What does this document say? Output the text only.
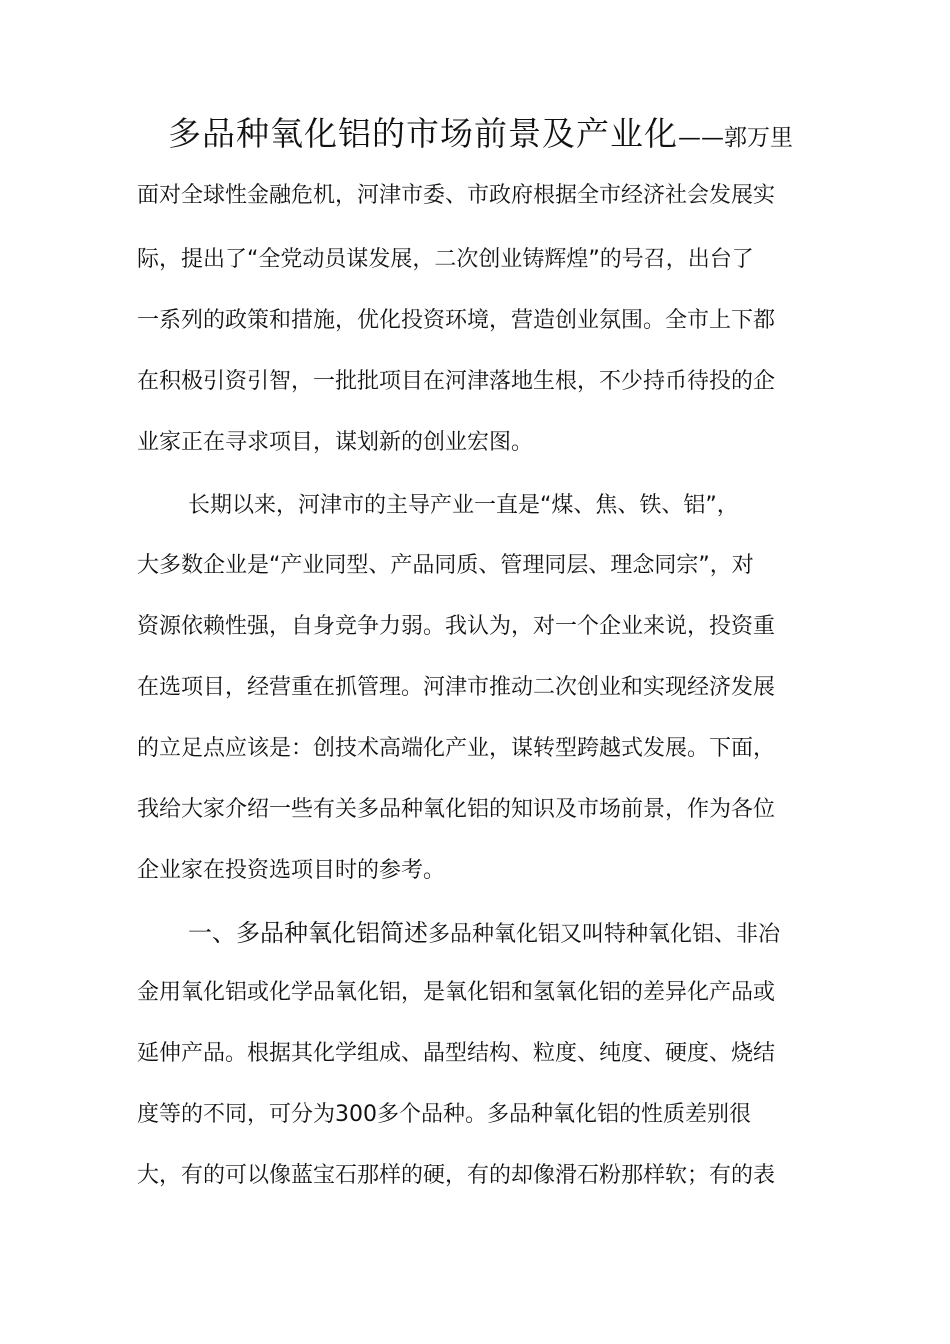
多品种氧化铝的市场前景及产业化——郭万里
面对全球性金融危机，河津市委、市政府根据全市经济社会发展实
际，提出了“全党动员谋发展，二次创业铸辉煌”的号召，出台了
一系列的政策和措施，优化投资环境，营造创业氛围。全市上下都
在积极引资引智，一批批项目在河津落地生根，不少持币待投的企
业家正在寻求项目，谋划新的创业宏图。
长期以来，河津市的主导产业一直是“煤、焦、铁、铝”，
大多数企业是“产业同型、产品同质、管理同层、理念同宗”，对
资源依赖性强，自身竞争力弱。我认为，对一个企业来说，投资重
在选项目，经营重在抓管理。河津市推动二次创业和实现经济发展
的立足点应该是：创技术高端化产业，谋转型跨越式发展。下面，
我给大家介绍一些有关多品种氧化铝的知识及市场前景，作为各位
企业家在投资选项目时的参考。
一、多品种氧化铝简述多品种氧化铝又叫特种氧化铝、非冶
金用氧化铝或化学品氧化铝，是氧化铝和氢氧化铝的差异化产品或
延伸产品。根据其化学组成、晶型结构、粒度、纯度、硬度、烧结
度等的不同，可分为300多个品种。多品种氧化铝的性质差别很
大，有的可以像蓝宝石那样的硬，有的却像滑石粉那样软；有的表
